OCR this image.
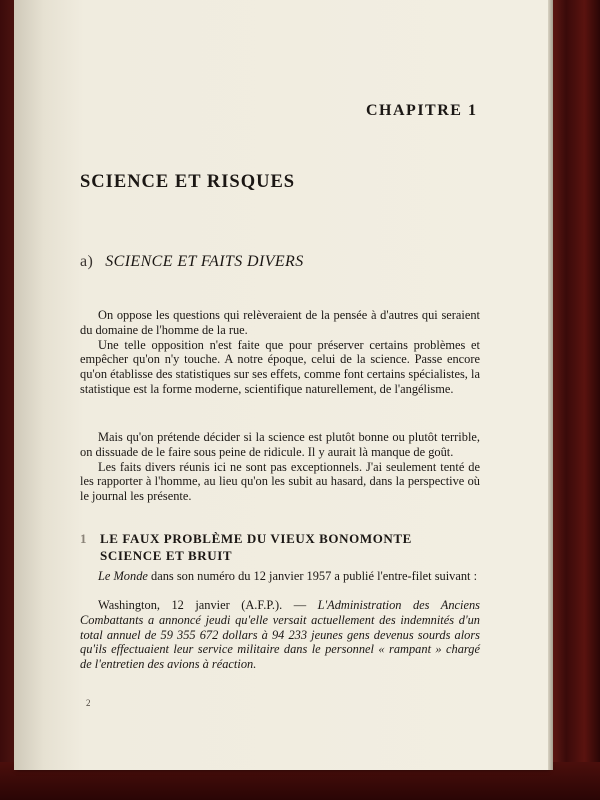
CHAPITRE 1
SCIENCE ET RISQUES
a) SCIENCE ET FAITS DIVERS

On oppose les questions qui relèveraient de la pensée à d'autres qui seraient du domaine de l'homme de la rue.

Une telle opposition n'est faite que pour préserver certains problèmes et empêcher qu'on n'y touche. A notre époque, celui de la science. Passe encore qu'on établisse des statistiques sur ses effets, comme font certains spécialistes, la statistique est la forme moderne, scientifique naturellement, de l'angélisme.

Mais qu'on prétende décider si la science est plutôt bonne ou plutôt terrible, on dissuade de le faire sous peine de ridicule. Il y aurait là manque de goût.

Les faits divers réunis ici ne sont pas exceptionnels. J'ai seulement tenté de les rapporter à l'homme, au lieu qu'on les subit au hasard, dans la perspective où le journal les présente.

1 LE FAUX PROBLÈME DU VIEUX BONOMONTE
SCIENCE ET BRUIT

Le Monde dans son numéro du 12 janvier 1957 a publié l'entre-filet suivant :

Washington, 12 janvier (A.F.P.). — L'Administration des Anciens Combattants a annoncé jeudi qu'elle versait actuellement des indemnités d'un total annuel de 59 355 672 dollars à 94 233 jeunes gens devenus sourds alors qu'ils effectuaient leur service militaire dans le personnel « rampant » chargé de l'entretien des avions à réaction.

2
